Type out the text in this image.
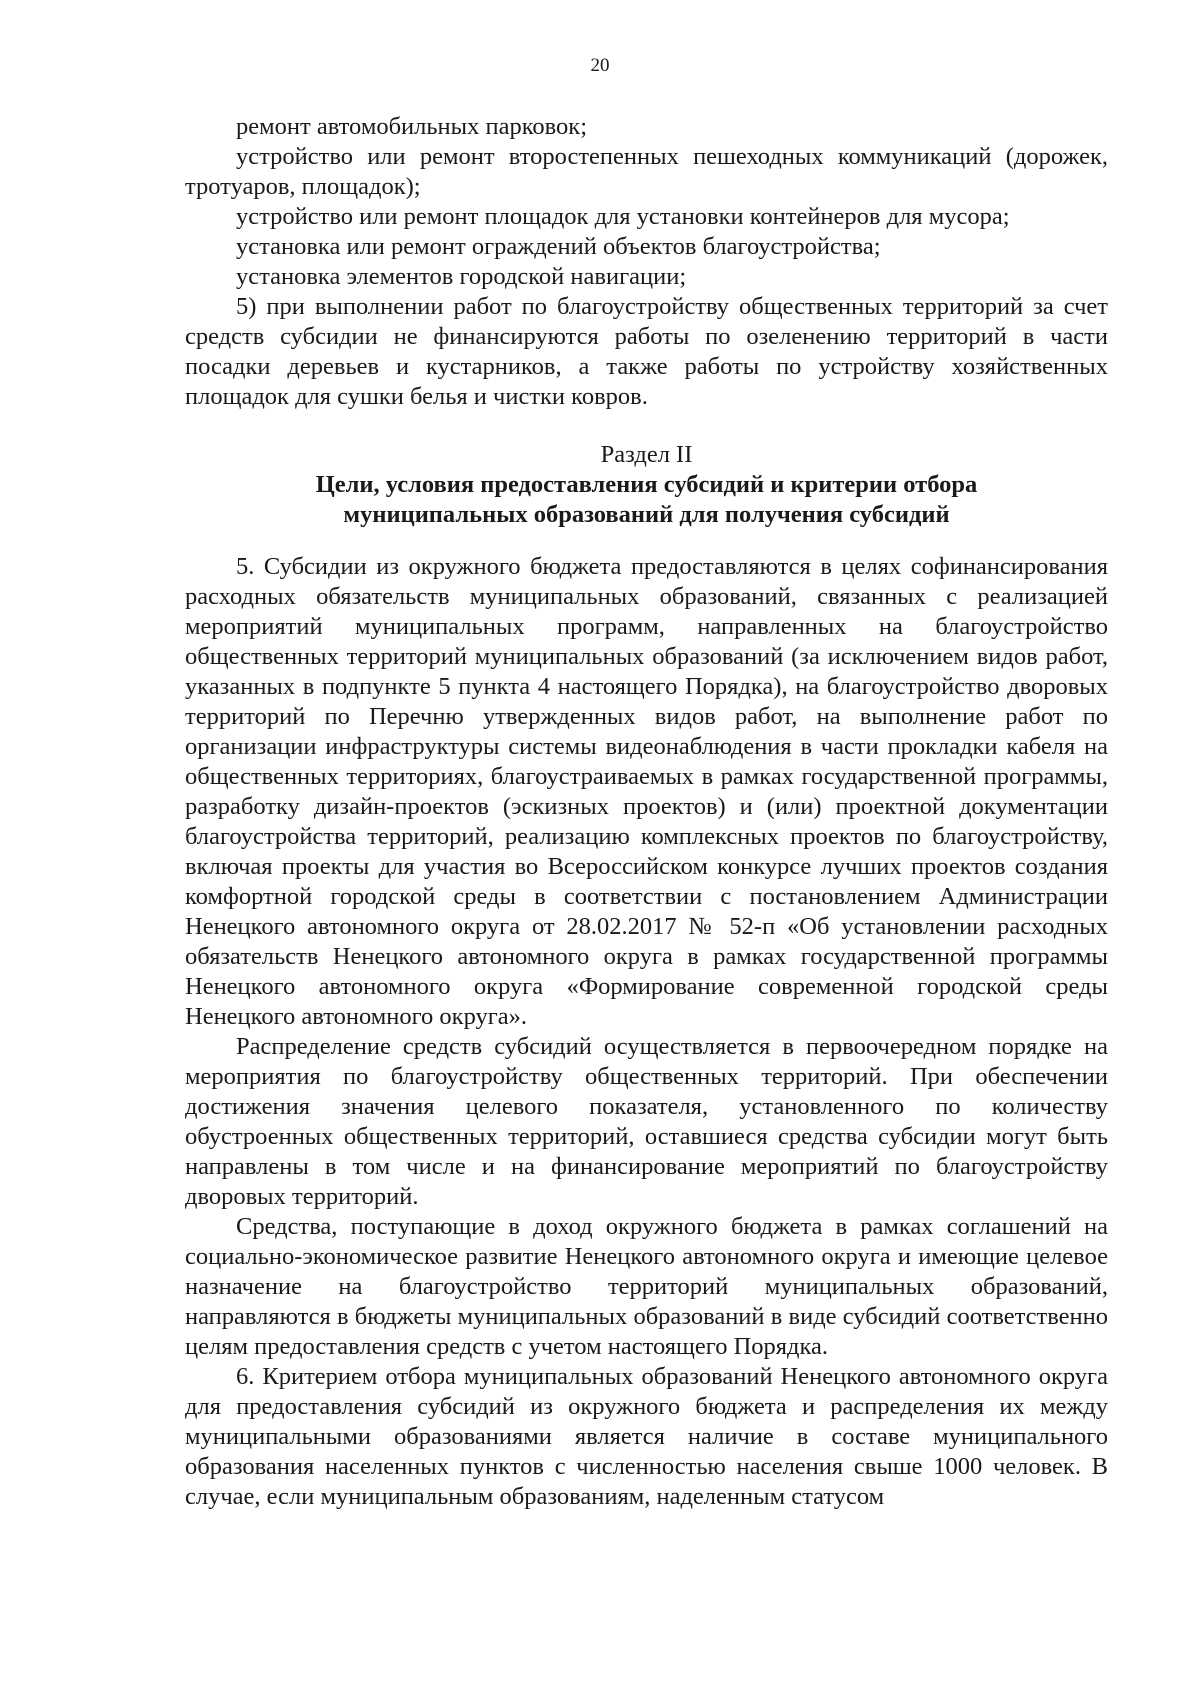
20

ремонт автомобильных парковок;

устройство или ремонт второстепенных пешеходных коммуникаций (дорожек, тротуаров, площадок);

устройство или ремонт площадок для установки контейнеров для мусора;

установка или ремонт ограждений объектов благоустройства;

установка элементов городской навигации;

5) при выполнении работ по благоустройству общественных территорий за счет средств субсидии не финансируются работы по озеленению территорий в части посадки деревьев и кустарников, а также работы по устройству хозяйственных площадок для сушки белья и чистки ковров.

Раздел II
Цели, условия предоставления субсидий и критерии отбора
муниципальных образований для получения субсидий

5. Субсидии из окружного бюджета предоставляются в целях софинансирования расходных обязательств муниципальных образований, связанных с реализацией мероприятий муниципальных программ, направленных на благоустройство общественных территорий муниципальных образований (за исключением видов работ, указанных в подпункте 5 пункта 4 настоящего Порядка), на благоустройство дворовых территорий по Перечню утвержденных видов работ, на выполнение работ по организации инфраструктуры системы видеонаблюдения в части прокладки кабеля на общественных территориях, благоустраиваемых в рамках государственной программы, разработку дизайн-проектов (эскизных проектов) и (или) проектной документации благоустройства территорий, реализацию комплексных проектов по благоустройству, включая проекты для участия во Всероссийском конкурсе лучших проектов создания комфортной городской среды в соответствии с постановлением Администрации Ненецкого автономного округа от 28.02.2017 № 52-п «Об установлении расходных обязательств Ненецкого автономного округа в рамках государственной программы Ненецкого автономного округа «Формирование современной городской среды Ненецкого автономного округа».

Распределение средств субсидий осуществляется в первоочередном порядке на мероприятия по благоустройству общественных территорий. При обеспечении достижения значения целевого показателя, установленного по количеству обустроенных общественных территорий, оставшиеся средства субсидии могут быть направлены в том числе и на финансирование мероприятий по благоустройству дворовых территорий.

Средства, поступающие в доход окружного бюджета в рамках соглашений на социально-экономическое развитие Ненецкого автономного округа и имеющие целевое назначение на благоустройство территорий муниципальных образований, направляются в бюджеты муниципальных образований в виде субсидий соответственно целям предоставления средств с учетом настоящего Порядка.

6. Критерием отбора муниципальных образований Ненецкого автономного округа для предоставления субсидий из окружного бюджета и распределения их между муниципальными образованиями является наличие в составе муниципального образования населенных пунктов с численностью населения свыше 1000 человек. В случае, если муниципальным образованиям, наделенным статусом
